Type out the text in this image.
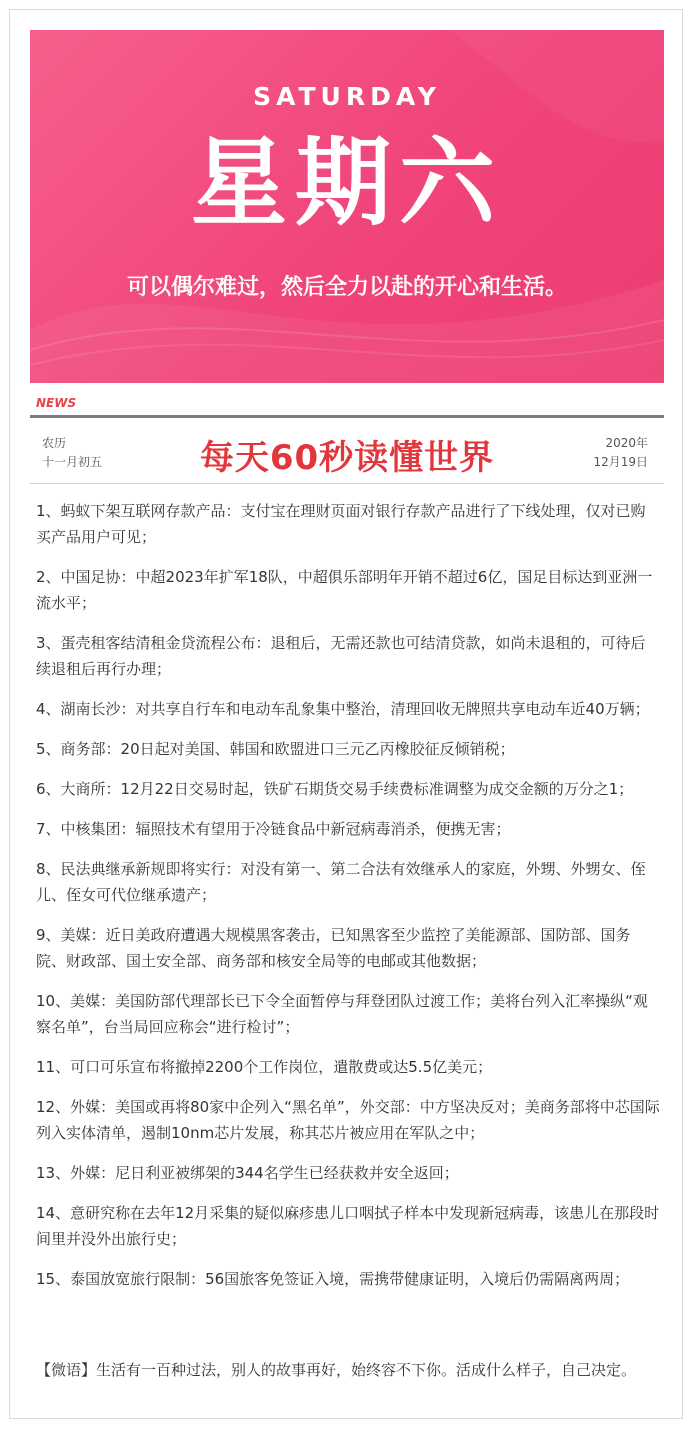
SATURDAY
星期六
可以偶尔难过，然后全力以赴的开心和生活。
NEWS
农历
十一月初五	每天60秒读懂世界	2020年
12月19日
1、蚂蚁下架互联网存款产品：支付宝在理财页面对银行存款产品进行了下线处理，仅对已购买产品用户可见；
2、中国足协：中超2023年扩军18队，中超俱乐部明年开销不超过6亿，国足目标达到亚洲一流水平；
3、蛋壳租客结清租金贷流程公布：退租后，无需还款也可结清贷款，如尚未退租的，可待后续退租后再行办理；
4、湖南长沙：对共享自行车和电动车乱象集中整治，清理回收无牌照共享电动车近40万辆；
5、商务部：20日起对美国、韩国和欧盟进口三元乙丙橡胶征反倾销税；
6、大商所：12月22日交易时起，铁矿石期货交易手续费标准调整为成交金额的万分之1；
7、中核集团：辐照技术有望用于冷链食品中新冠病毒消杀，便携无害；
8、民法典继承新规即将实行：对没有第一、第二合法有效继承人的家庭，外甥、外甥女、侄儿、侄女可代位继承遗产；
9、美媒：近日美政府遭遇大规模黑客袭击，已知黑客至少监控了美能源部、国防部、国务院、财政部、国土安全部、商务部和核安全局等的电邮或其他数据；
10、美媒：美国防部代理部长已下令全面暂停与拜登团队过渡工作；美将台列入汇率操纵“观察名单”，台当局回应称会“进行检讨”；
11、可口可乐宣布将撤掉2200个工作岗位，遣散费或达5.5亿美元；
12、外媒：美国或再将80家中企列入“黑名单”，外交部：中方坚决反对；美商务部将中芯国际列入实体清单，遏制10nm芯片发展，称其芯片被应用在军队之中；
13、外媒：尼日利亚被绑架的344名学生已经获救并安全返回；
14、意研究称在去年12月采集的疑似麻疹患儿口咽拭子样本中发现新冠病毒，该患儿在那段时间里并没外出旅行史；
15、泰国放宽旅行限制：56国旅客免签证入境，需携带健康证明，入境后仍需隔离两周；
【微语】生活有一百种过法，别人的故事再好，始终容不下你。活成什么样子，自己决定。
